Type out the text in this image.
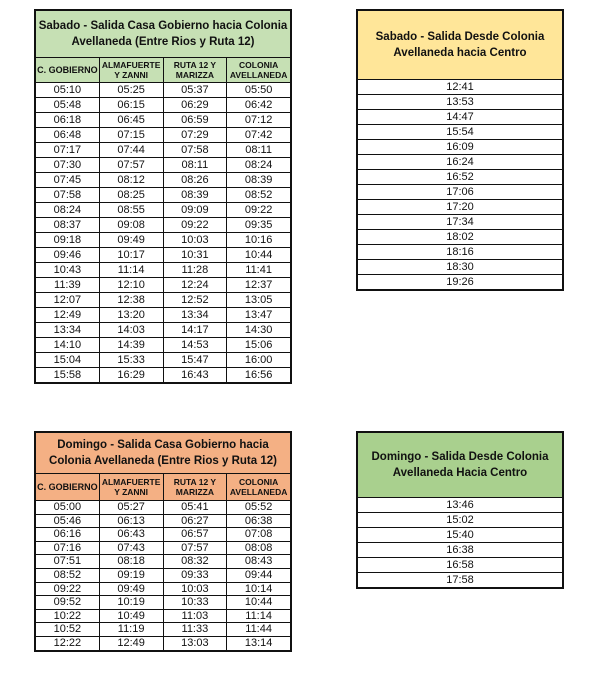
Sabado - Salida Casa Gobierno hacia Colonia Avellaneda (Entre Rios y Ruta 12)			
C. GOBIERNO	ALMAFUERTE Y ZANNI	RUTA 12 Y MARIZZA	COLONIA AVELLANEDA
05:10	05:25	05:37	05:50
05:48	06:15	06:29	06:42
06:18	06:45	06:59	07:12
06:48	07:15	07:29	07:42
07:17	07:44	07:58	08:11
07:30	07:57	08:11	08:24
07:45	08:12	08:26	08:39
07:58	08:25	08:39	08:52
08:24	08:55	09:09	09:22
08:37	09:08	09:22	09:35
09:18	09:49	10:03	10:16
09:46	10:17	10:31	10:44
10:43	11:14	11:28	11:41
11:39	12:10	12:24	12:37
12:07	12:38	12:52	13:05
12:49	13:20	13:34	13:47
13:34	14:03	14:17	14:30
14:10	14:39	14:53	15:06
15:04	15:33	15:47	16:00
15:58	16:29	16:43	16:56
Sabado - Salida Desde Colonia Avellaneda hacia Centro
12:41
13:53
14:47
15:54
16:09
16:24
16:52
17:06
17:20
17:34
18:02
18:16
18:30
19:26
Domingo - Salida Casa Gobierno hacia Colonia Avellaneda (Entre Rios y Ruta 12)			
C. GOBIERNO	ALMAFUERTE Y ZANNI	RUTA 12 Y MARIZZA	COLONIA AVELLANEDA
05:00	05:27	05:41	05:52
05:46	06:13	06:27	06:38
06:16	06:43	06:57	07:08
07:16	07:43	07:57	08:08
07:51	08:18	08:32	08:43
08:52	09:19	09:33	09:44
09:22	09:49	10:03	10:14
09:52	10:19	10:33	10:44
10:22	10:49	11:03	11:14
10:52	11:19	11:33	11:44
12:22	12:49	13:03	13:14
Domingo - Salida Desde Colonia Avellaneda Hacia Centro
13:46
15:02
15:40
16:38
16:58
17:58
